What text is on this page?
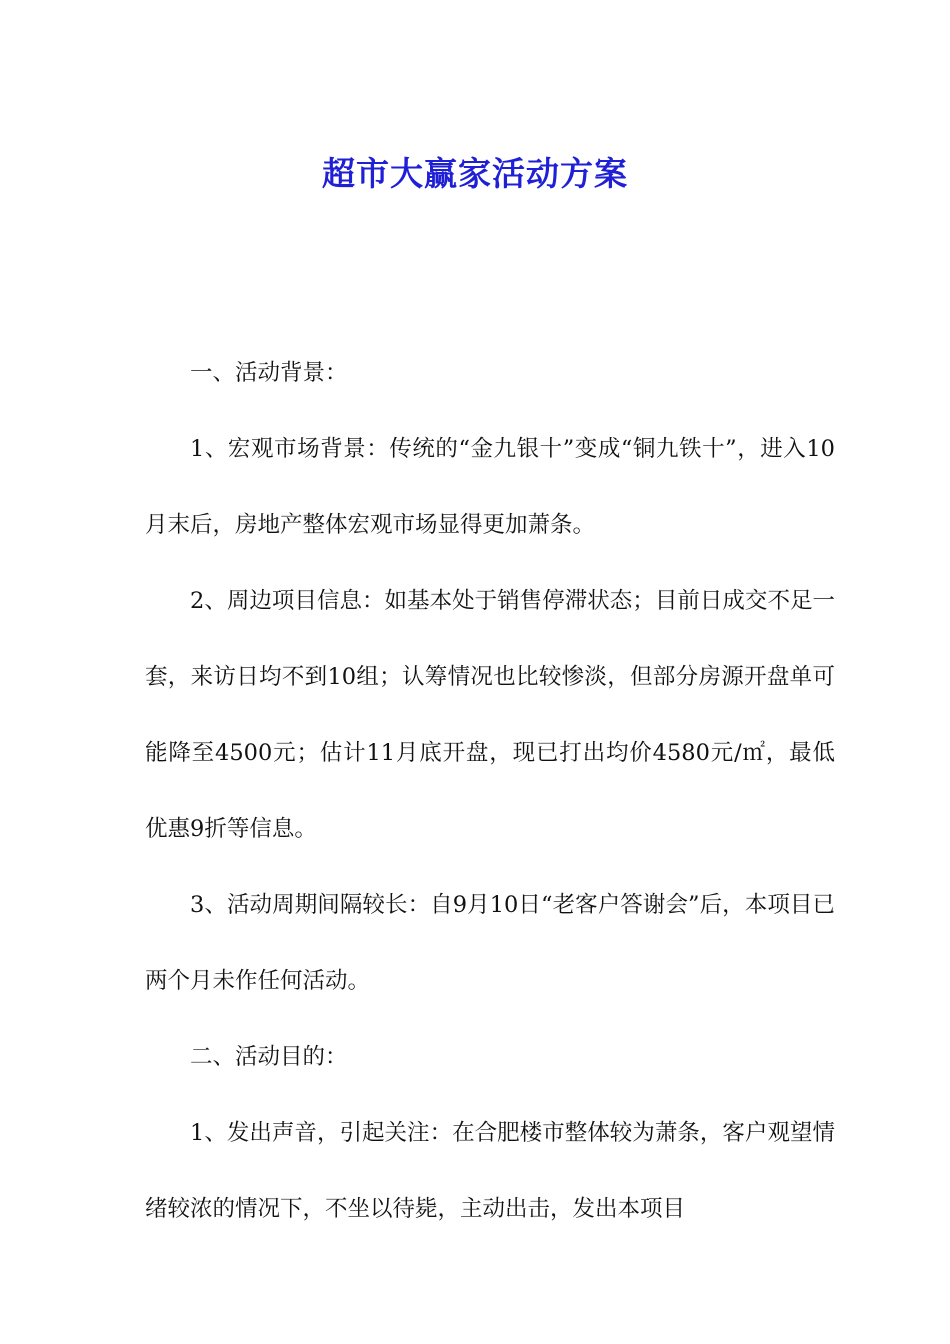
超市大赢家活动方案

一、活动背景：

1、宏观市场背景：传统的“金九银十”变成“铜九铁十”，进入10月末后，房地产整体宏观市场显得更加萧条。

2、周边项目信息：如基本处于销售停滞状态；目前日成交不足一套，来访日均不到10组；认筹情况也比较惨淡，但部分房源开盘单可能降至4500元；估计11月底开盘，现已打出均价4580元/㎡，最低优惠9折等信息。

3、活动周期间隔较长：自9月10日“老客户答谢会”后，本项目已两个月未作任何活动。

二、活动目的：

1、发出声音，引起关注：在合肥楼市整体较为萧条，客户观望情绪较浓的情况下，不坐以待毙，主动出击，发出本项目
